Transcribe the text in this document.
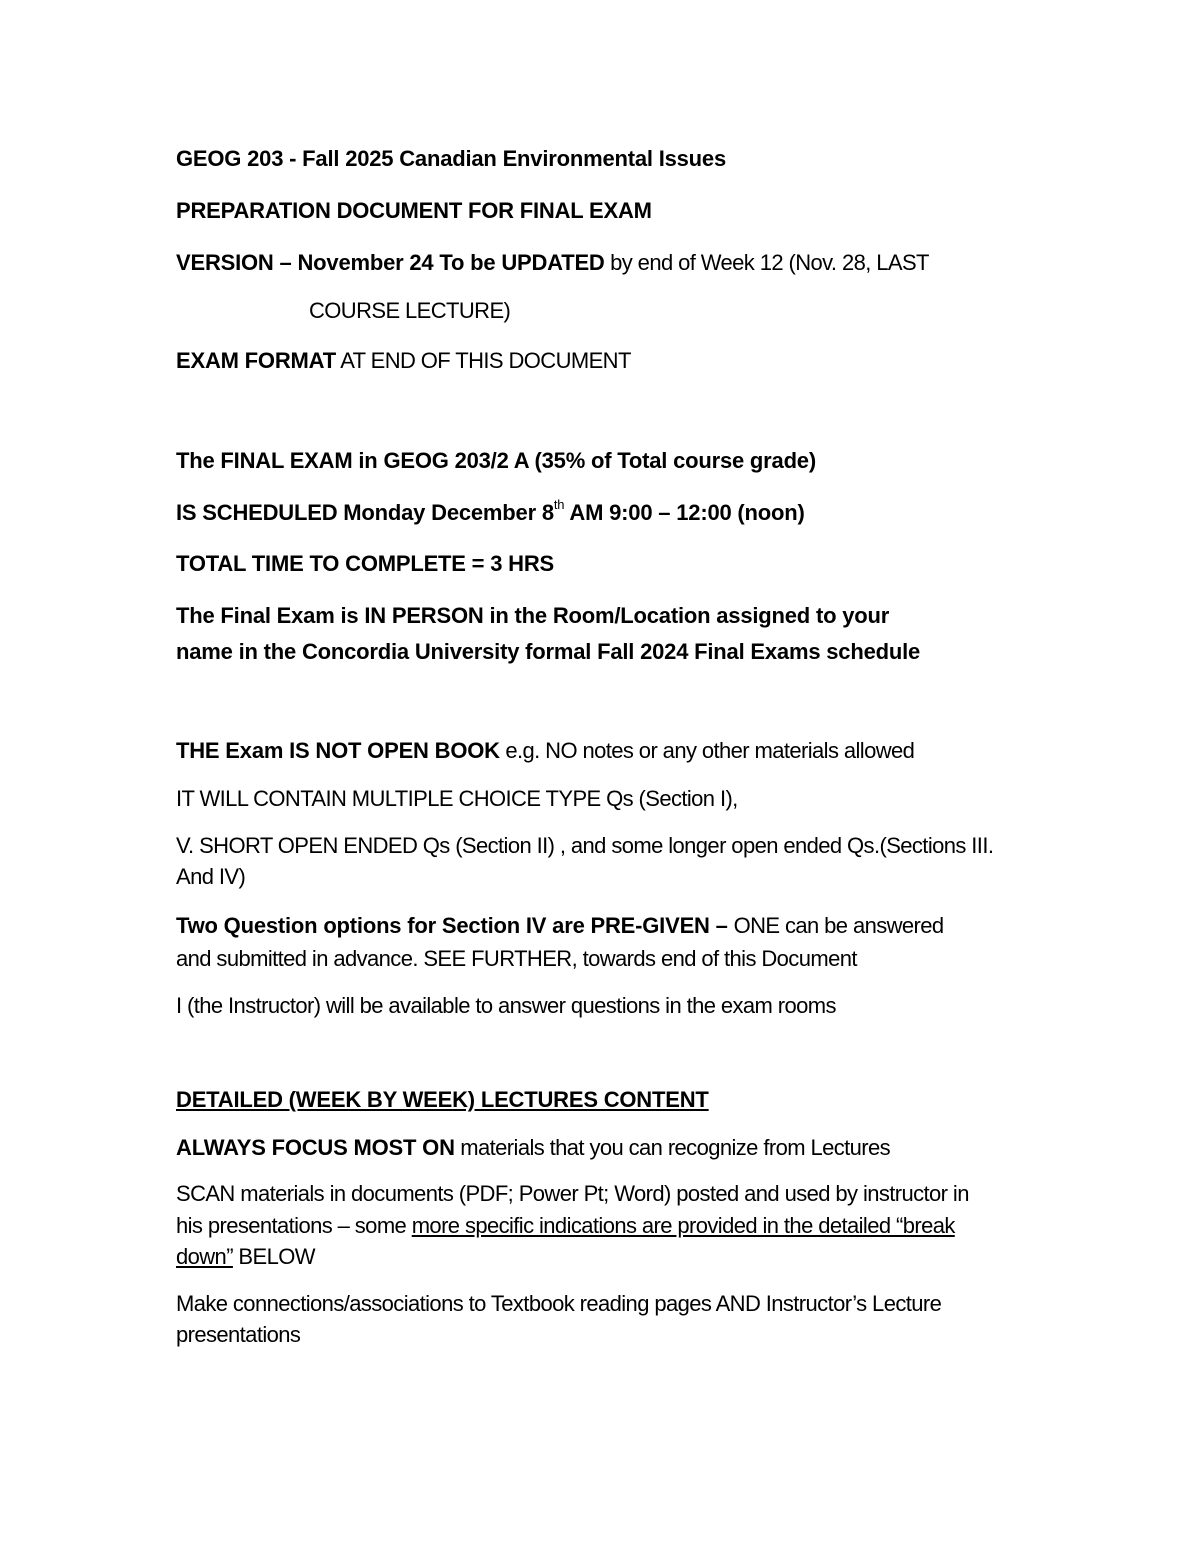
GEOG 203 - Fall 2025 Canadian Environmental Issues
PREPARATION DOCUMENT FOR FINAL EXAM
VERSION – November 24 To be UPDATED by end of Week 12 (Nov. 28, LAST
COURSE LECTURE)
EXAM FORMAT AT END OF THIS DOCUMENT
The FINAL EXAM in GEOG 203/2 A (35% of Total course grade)
IS SCHEDULED Monday December 8th AM 9:00 – 12:00 (noon)
TOTAL TIME TO COMPLETE = 3 HRS
The Final Exam is IN PERSON in the Room/Location assigned to your
name in the Concordia University formal Fall 2024 Final Exams schedule
THE Exam IS NOT OPEN BOOK e.g. NO notes or any other materials allowed
IT WILL CONTAIN MULTIPLE CHOICE TYPE Qs (Section I),
V. SHORT OPEN ENDED Qs (Section II) , and some longer open ended Qs.(Sections III.
And IV)
Two Question options for Section IV are PRE-GIVEN – ONE can be answered
and submitted in advance. SEE FURTHER, towards end of this Document
I (the Instructor) will be available to answer questions in the exam rooms
DETAILED (WEEK BY WEEK) LECTURES CONTENT
ALWAYS FOCUS MOST ON materials that you can recognize from Lectures
SCAN materials in documents (PDF; Power Pt; Word) posted and used by instructor in
his presentations – some more specific indications are provided in the detailed “break
down” BELOW
Make connections/associations to Textbook reading pages AND Instructor’s Lecture
presentations
